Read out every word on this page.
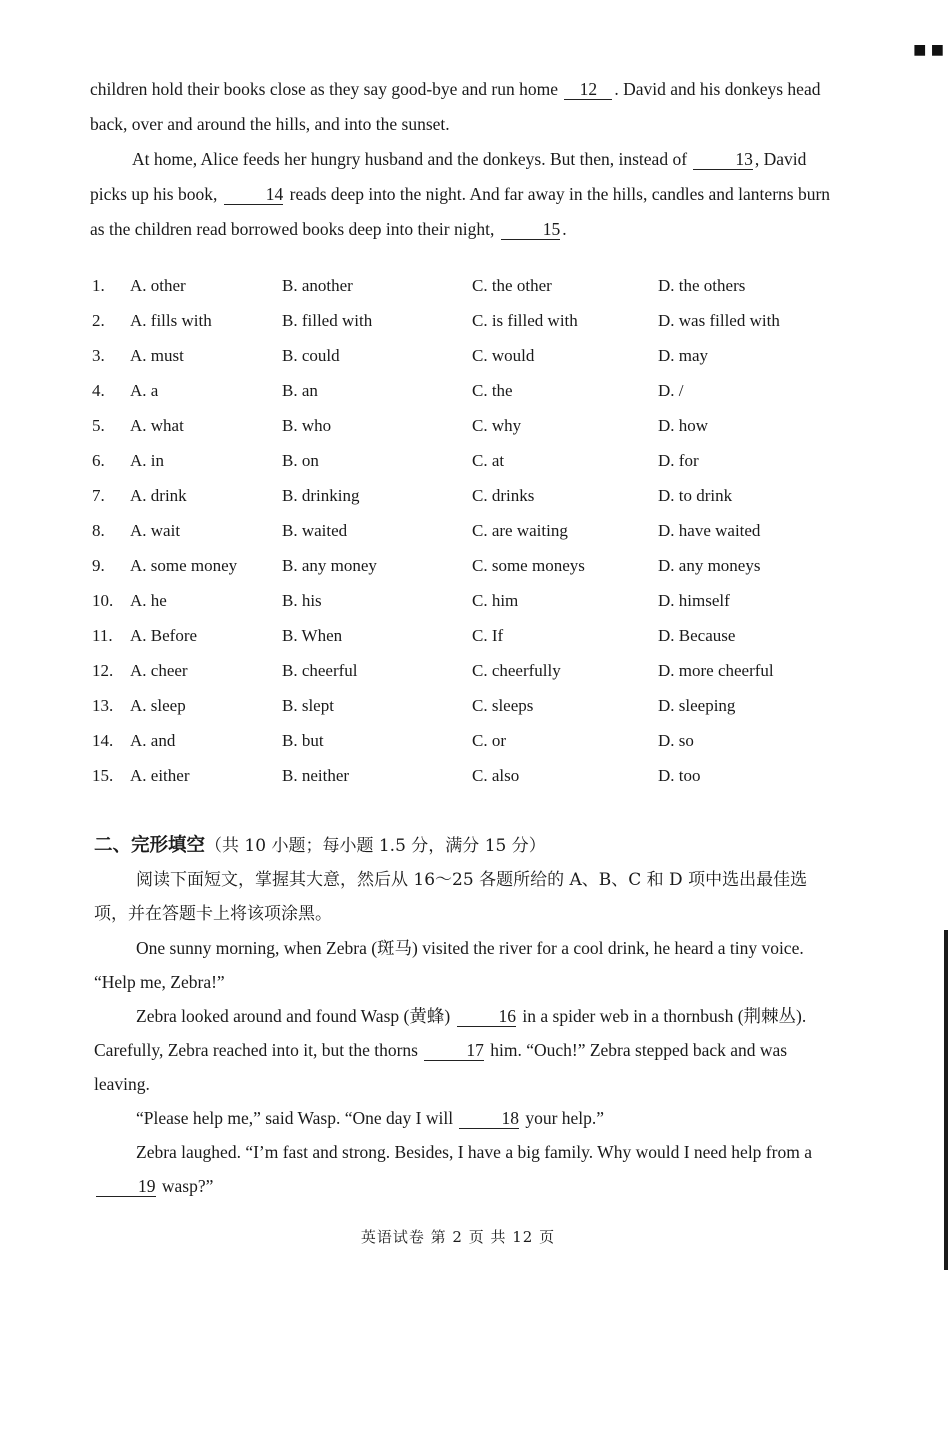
■ ■

children hold their books close as they say good-bye and run home 12 . David and his donkeys head back, over and around the hills, and into the sunset.

At home, Alice feeds her hungry husband and the donkeys. But then, instead of	13 , David picks up his book,	14 reads deep into the night. And far away in the hills, candles and lanterns burn as the children read borrowed books deep into their night,	15 .

1.	A. other	B. another	C. the other	D. the others
2.	A. fills with	B. filled with	C. is filled with	D. was filled with
3.	A. must	B. could	C. would	D. may
4.	A. a	B. an	C. the	D. /
5.	A. what	B. who	C. why	D. how
6.	A. in	B. on	C. at	D. for
7.	A. drink	B. drinking	C. drinks	D. to drink
8.	A. wait	B. waited	C. are waiting	D. have waited
9.	A. some money	B. any money	C. some moneys	D. any moneys
10. A. he	B. his	C. him	D. himself
11.	A. Before	B. When	C. If	D. Because
12. A. cheer	B. cheerful	C. cheerfully	D. more cheerful
13. A. sleep	B. slept	C. sleeps	D. sleeping
14. A. and	B. but	C. or	D. so
15. A. either	B. neither	C. also	D. too

二、完形填空（共 10 小题；每小题 1.5 分，满分 15 分）

阅读下面短文，掌握其大意，然后从 16～25 各题所给的 A、B、C 和 D 项中选出最佳选项，并在答题卡上将该项涂黑。

One sunny morning, when Zebra (斑马) visited the river for a cool drink, he heard a tiny voice. “Help me, Zebra!”

Zebra looked around and found Wasp (黄蜂)	16 in a spider web in a thornbush (荆棘丛). Carefully, Zebra reached into it, but the thorns	17 him. “Ouch!” Zebra stepped back and was leaving.

“Please help me,” said Wasp. “One day I will	18 your help.”

Zebra laughed. “I’m fast and strong. Besides, I have a big family. Why would I need help from a 19 wasp?”

英语试卷 第 2 页 共 12 页
